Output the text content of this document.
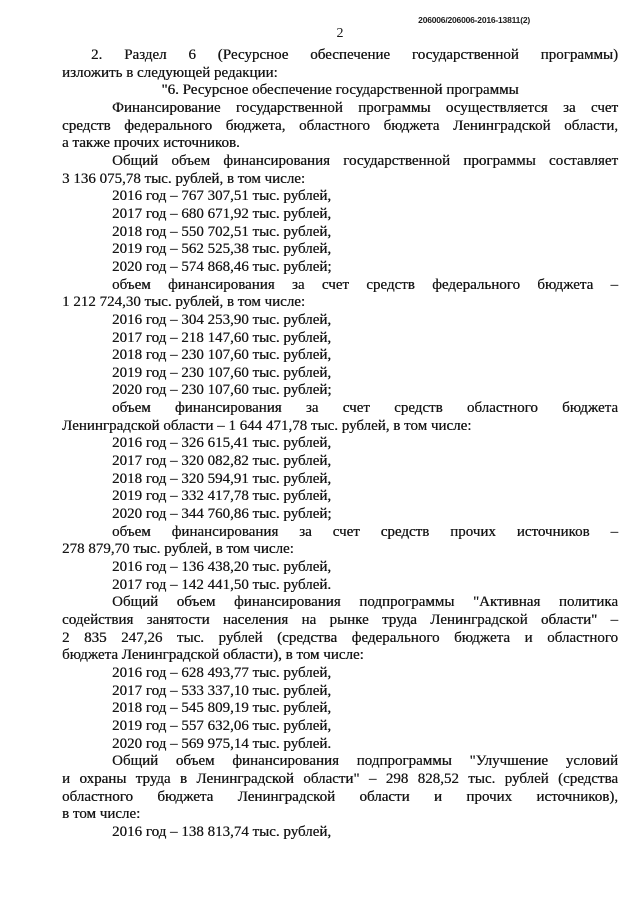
206006/206006-2016-13811(2)
2
2. Раздел 6 (Ресурсное обеспечение государственной программы)
изложить в следующей редакции:
"6. Ресурсное обеспечение государственной программы
Финансирование государственной программы осуществляется за счет
средств федерального бюджета, областного бюджета Ленинградской области,
а также прочих источников.
Общий объем финансирования государственной программы составляет
3 136 075,78 тыс. рублей, в том числе:
2016 год – 767 307,51 тыс. рублей,
2017 год – 680 671,92 тыс. рублей,
2018 год – 550 702,51 тыс. рублей,
2019 год – 562 525,38 тыс. рублей,
2020 год – 574 868,46 тыс. рублей;
объем финансирования за счет средств федерального бюджета –
1 212 724,30 тыс. рублей, в том числе:
2016 год – 304 253,90 тыс. рублей,
2017 год – 218 147,60 тыс. рублей,
2018 год – 230 107,60 тыс. рублей,
2019 год – 230 107,60 тыс. рублей,
2020 год – 230 107,60 тыс. рублей;
объем финансирования за счет средств областного бюджета
Ленинградской области – 1 644 471,78 тыс. рублей, в том числе:
2016 год – 326 615,41 тыс. рублей,
2017 год – 320 082,82 тыс. рублей,
2018 год – 320 594,91 тыс. рублей,
2019 год – 332 417,78 тыс. рублей,
2020 год – 344 760,86 тыс. рублей;
объем финансирования за счет средств прочих источников –
278 879,70 тыс. рублей, в том числе:
2016 год – 136 438,20 тыс. рублей,
2017 год – 142 441,50 тыс. рублей.
Общий объем финансирования подпрограммы "Активная политика
содействия занятости населения на рынке труда Ленинградской области" –
2 835 247,26 тыс. рублей (средства федерального бюджета и областного
бюджета Ленинградской области), в том числе:
2016 год – 628 493,77 тыс. рублей,
2017 год – 533 337,10 тыс. рублей,
2018 год – 545 809,19 тыс. рублей,
2019 год – 557 632,06 тыс. рублей,
2020 год – 569 975,14 тыс. рублей.
Общий объем финансирования подпрограммы "Улучшение условий
и охраны труда в Ленинградской области" – 298 828,52 тыс. рублей (средства
областного бюджета Ленинградской области и прочих источников),
в том числе:
2016 год – 138 813,74 тыс. рублей,
